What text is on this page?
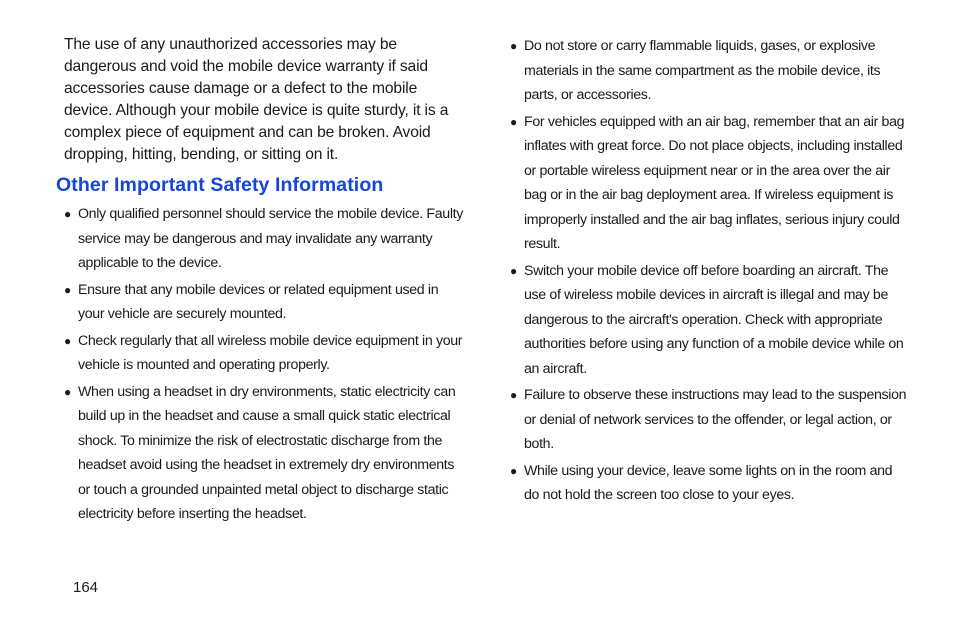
The use of any unauthorized accessories may be dangerous and void the mobile device warranty if said accessories cause damage or a defect to the mobile device. Although your mobile device is quite sturdy, it is a complex piece of equipment and can be broken. Avoid dropping, hitting, bending, or sitting on it.

Other Important Safety Information
● Only qualified personnel should service the mobile device. Faulty service may be dangerous and may invalidate any warranty applicable to the device.
● Ensure that any mobile devices or related equipment used in your vehicle are securely mounted.
● Check regularly that all wireless mobile device equipment in your vehicle is mounted and operating properly.
● When using a headset in dry environments, static electricity can build up in the headset and cause a small quick static electrical shock. To minimize the risk of electrostatic discharge from the headset avoid using the headset in extremely dry environments or touch a grounded unpainted metal object to discharge static electricity before inserting the headset.
● Do not store or carry flammable liquids, gases, or explosive materials in the same compartment as the mobile device, its parts, or accessories.
● For vehicles equipped with an air bag, remember that an air bag inflates with great force. Do not place objects, including installed or portable wireless equipment near or in the area over the air bag or in the air bag deployment area. If wireless equipment is improperly installed and the air bag inflates, serious injury could result.
● Switch your mobile device off before boarding an aircraft. The use of wireless mobile devices in aircraft is illegal and may be dangerous to the aircraft's operation. Check with appropriate authorities before using any function of a mobile device while on an aircraft.
● Failure to observe these instructions may lead to the suspension or denial of network services to the offender, or legal action, or both.
● While using your device, leave some lights on in the room and do not hold the screen too close to your eyes.
164
